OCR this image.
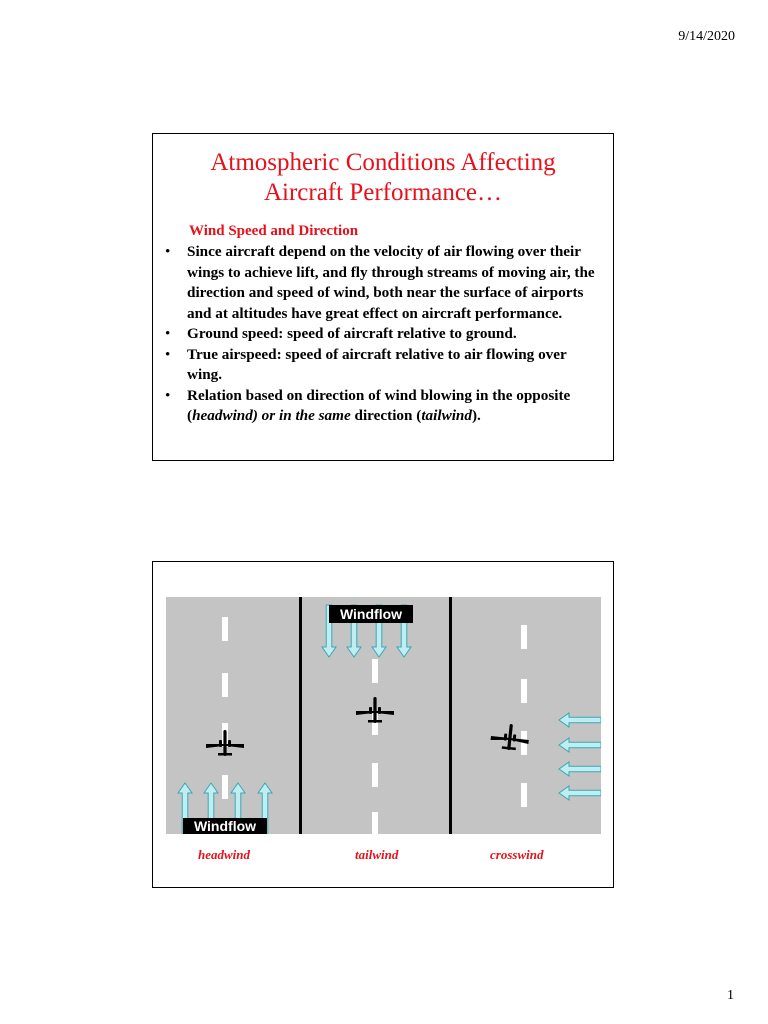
9/14/2020
Atmospheric Conditions Affecting
Aircraft Performance…
Wind Speed and Direction
• Since aircraft depend on the velocity of air flowing over their wings to achieve lift, and fly through streams of moving air, the direction and speed of wind, both near the surface of airports and at altitudes have great effect on aircraft performance.
• Ground speed: speed of aircraft relative to ground.
• True airspeed: speed of aircraft relative to air flowing over wing.
• Relation based on direction of wind blowing in the opposite (headwind) or in the same direction (tailwind).
Windflow
Windflow
headwind	tailwind	crosswind
1
